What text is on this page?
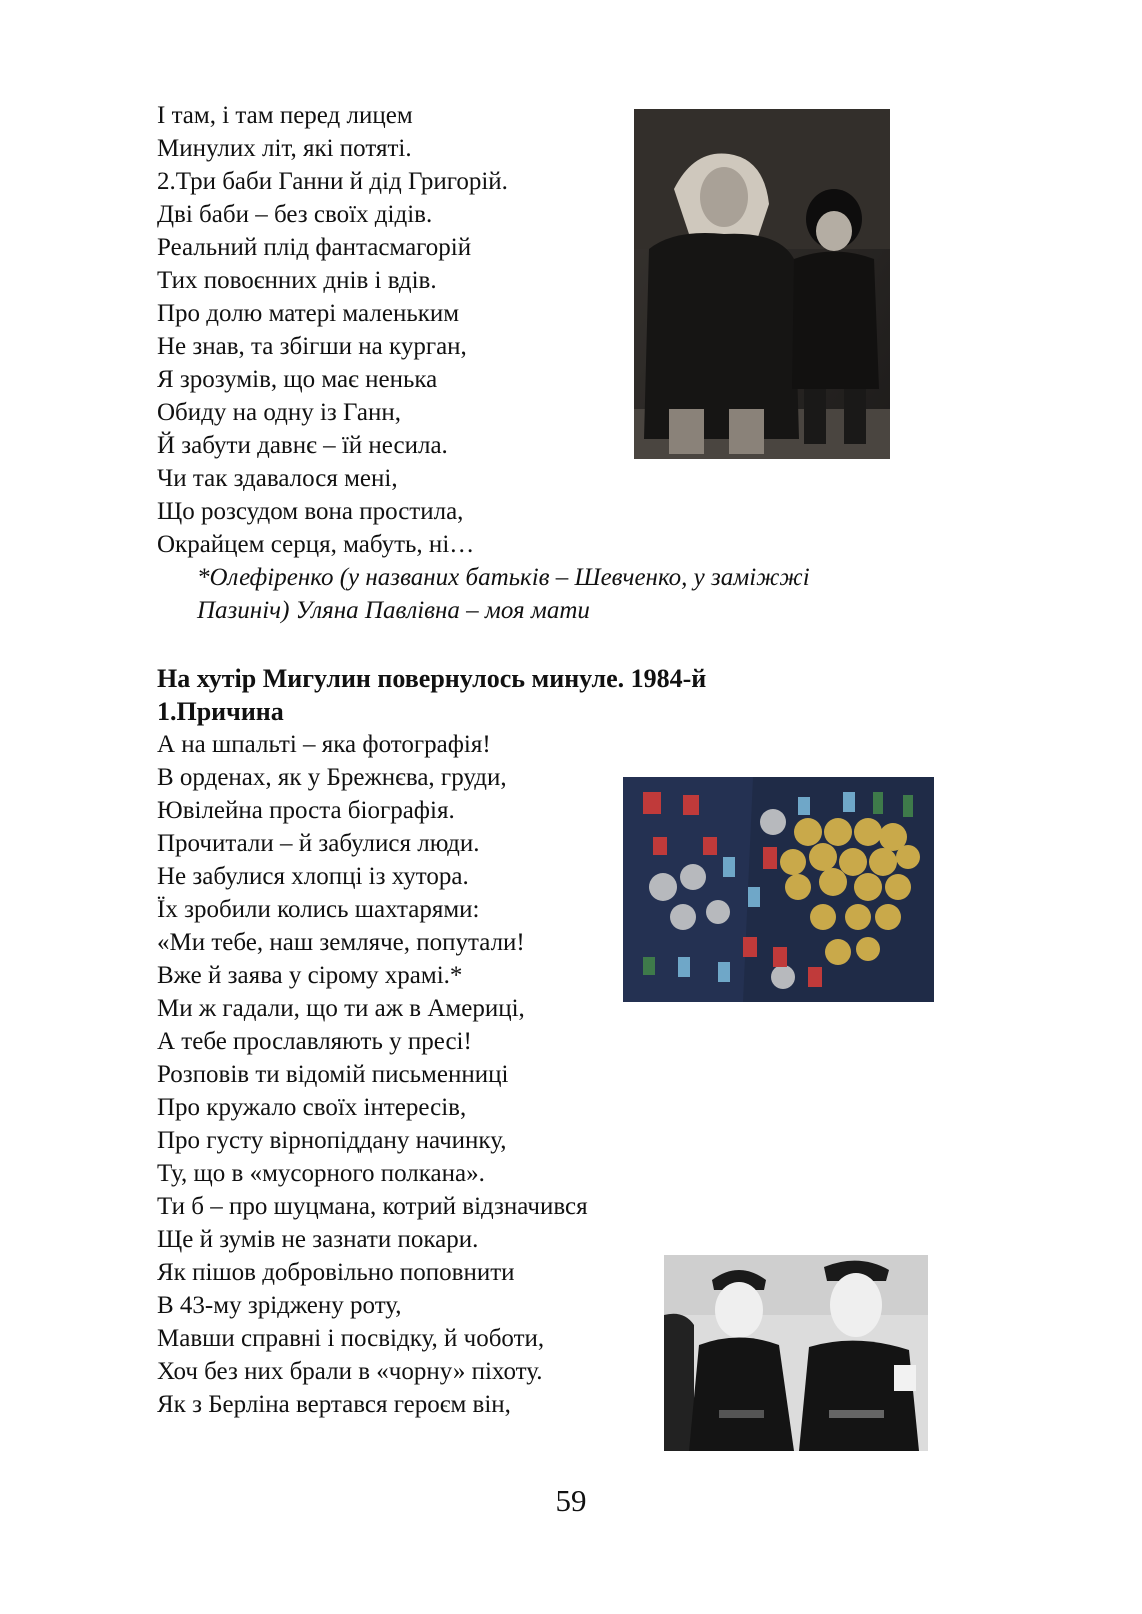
І там, і там перед лицем
Минулих літ, які потяті.
2.Три баби Ганни й дід Григорій.
Дві баби – без своїх дідів.
Реальний плід фантасмагорій
Тих повоєнних днів і вдів.
Про долю матері маленьким
Не знав, та збігши на курган,
Я зрозумів, що має ненька
Обиду на одну із Ганн,
Й забути давнє – їй несила.
Чи так здавалося мені,
Що розсудом вона простила,
Окрайцем серця, мабуть, ні…
*Олефіренко (у названих батьків – Шевченко, у заміжжі
Пазиніч) Уляна Павлівна – моя мати
На хутір Мигулин повернулось минуле. 1984-й
1.Причина
А на шпальті – яка фотографія!
В орденах, як у Брежнєва, груди,
Ювілейна проста біографія.
Прочитали – й забулися люди.
Не забулися хлопці із хутора.
Їх зробили колись шахтарями:
«Ми тебе, наш земляче, попутали!
Вже й заява у сірому храмі.*
Ми ж гадали, що ти аж в Америці,
А тебе прославляють у пресі!
Розповів ти відомій письменниці
Про кружало своїх інтересів,
Про густу вірнопіддану начинку,
Ту, що в «мусорного полкана».
Ти б – про шуцмана, котрий відзначився
Ще й зумів не зазнати покари.
Як пішов добровільно поповнити
В 43-му зріджену роту,
Мавши справні і посвідку, й чоботи,
Хоч без них брали в «чорну» піхоту.
Як з Берліна вертався героєм він,
59
